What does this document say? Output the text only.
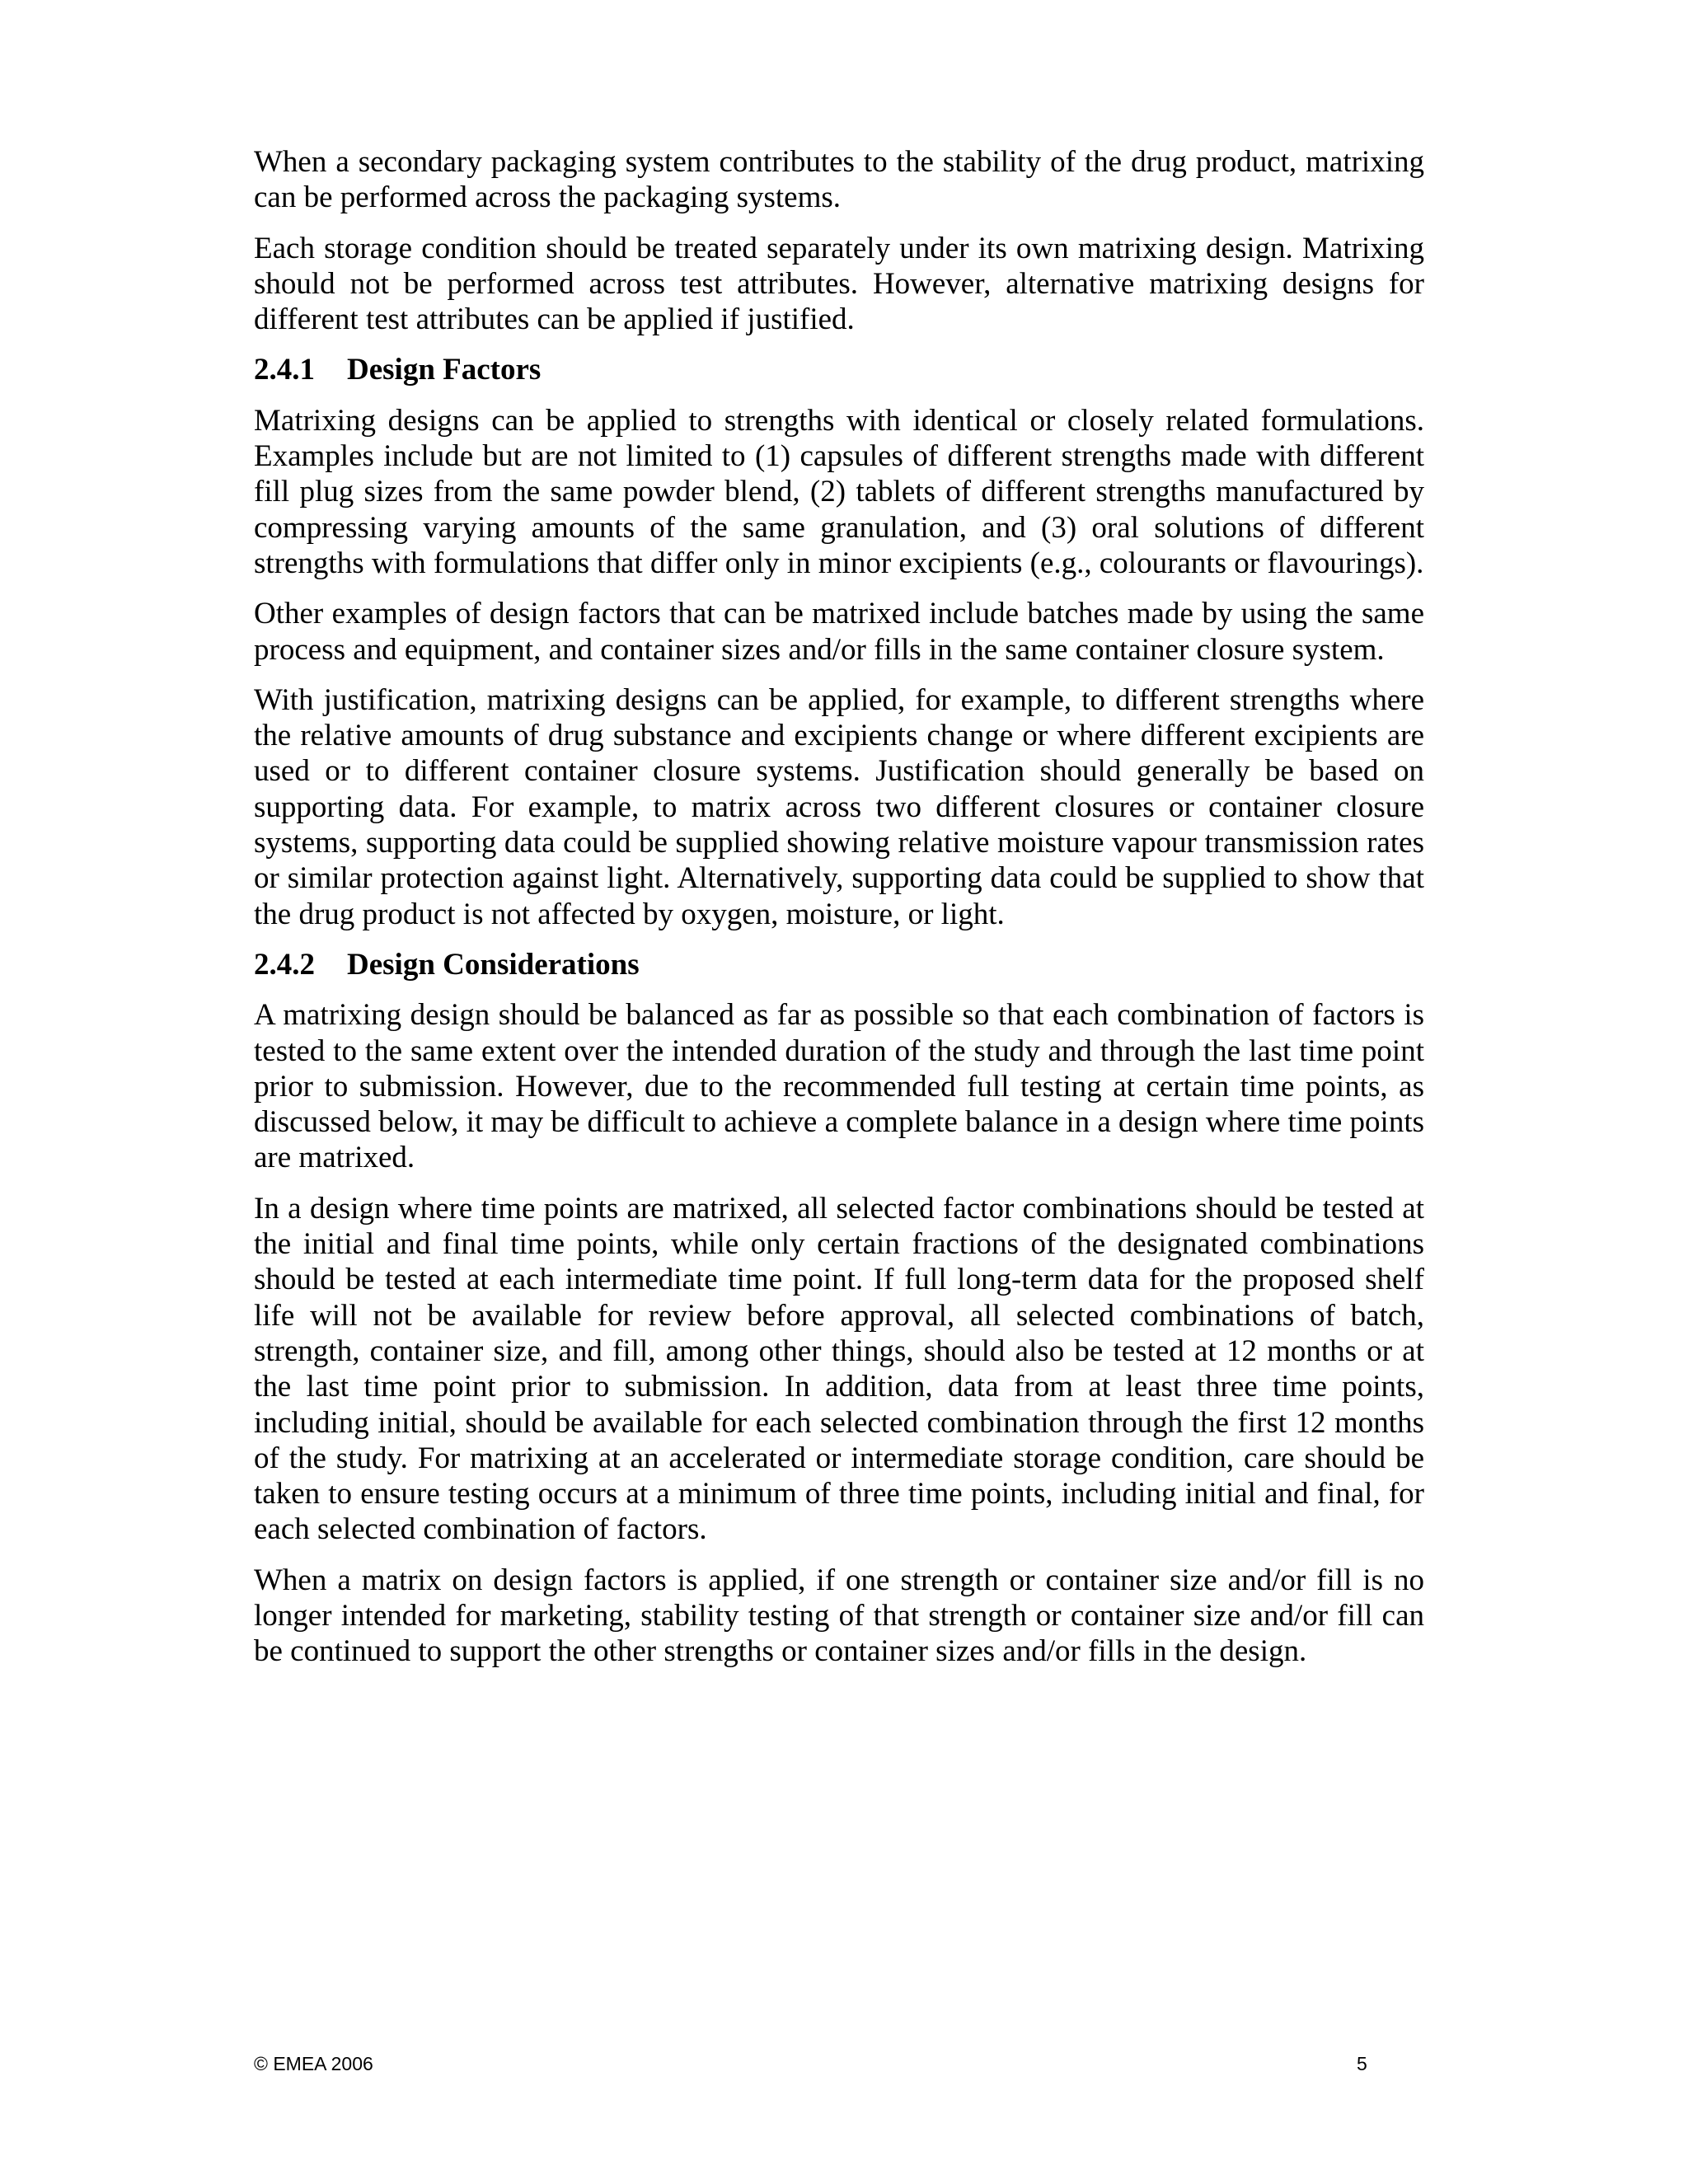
When a secondary packaging system contributes to the stability of the drug product, matrixing can be performed across the packaging systems.

Each storage condition should be treated separately under its own matrixing design. Matrixing should not be performed across test attributes. However, alternative matrixing designs for different test attributes can be applied if justified.

2.4.1	Design Factors

Matrixing designs can be applied to strengths with identical or closely related formulations. Examples include but are not limited to (1) capsules of different strengths made with different fill plug sizes from the same powder blend, (2) tablets of different strengths manufactured by compressing varying amounts of the same granulation, and (3) oral solutions of different strengths with formulations that differ only in minor excipients (e.g., colourants or flavourings).

Other examples of design factors that can be matrixed include batches made by using the same process and equipment, and container sizes and/or fills in the same container closure system.

With justification, matrixing designs can be applied, for example, to different strengths where the relative amounts of drug substance and excipients change or where different excipients are used or to different container closure systems. Justification should generally be based on supporting data. For example, to matrix across two different closures or container closure systems, supporting data could be supplied showing relative moisture vapour transmission rates or similar protection against light. Alternatively, supporting data could be supplied to show that the drug product is not affected by oxygen, moisture, or light.

2.4.2	Design Considerations

A matrixing design should be balanced as far as possible so that each combination of factors is tested to the same extent over the intended duration of the study and through the last time point prior to submission. However, due to the recommended full testing at certain time points, as discussed below, it may be difficult to achieve a complete balance in a design where time points are matrixed.

In a design where time points are matrixed, all selected factor combinations should be tested at the initial and final time points, while only certain fractions of the designated combinations should be tested at each intermediate time point. If full long-term data for the proposed shelf life will not be available for review before approval, all selected combinations of batch, strength, container size, and fill, among other things, should also be tested at 12 months or at the last time point prior to submission. In addition, data from at least three time points, including initial, should be available for each selected combination through the first 12 months of the study. For matrixing at an accelerated or intermediate storage condition, care should be taken to ensure testing occurs at a minimum of three time points, including initial and final, for each selected combination of factors.

When a matrix on design factors is applied, if one strength or container size and/or fill is no longer intended for marketing, stability testing of that strength or container size and/or fill can be continued to support the other strengths or container sizes and/or fills in the design.

© EMEA 2006	5
